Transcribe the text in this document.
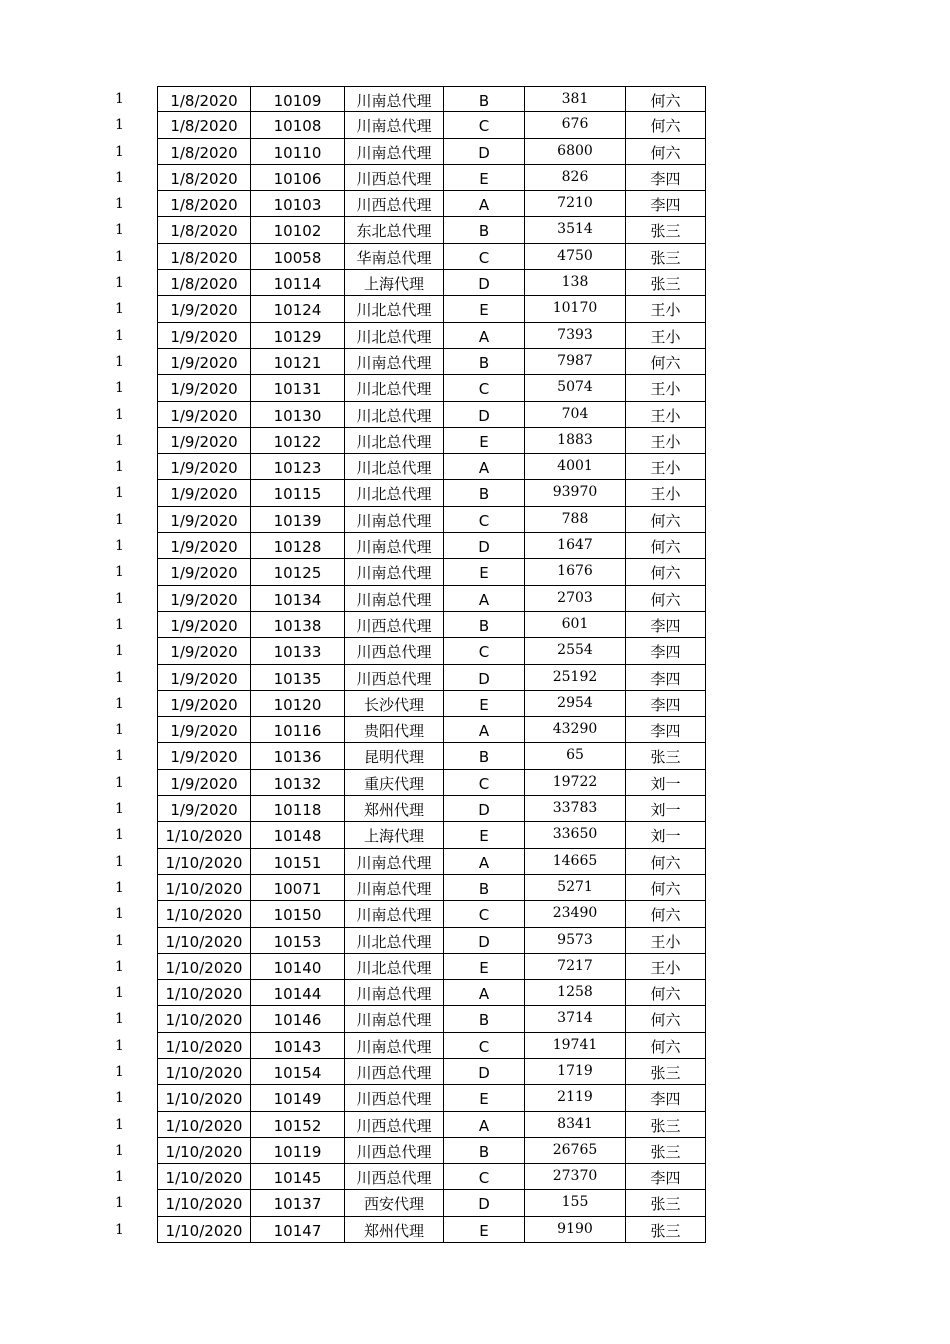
1	1/8/2020	10109	川南总代理	B	381	何六
1	1/8/2020	10108	川南总代理	C	676	何六
1	1/8/2020	10110	川南总代理	D	6800	何六
1	1/8/2020	10106	川西总代理	E	826	李四
1	1/8/2020	10103	川西总代理	A	7210	李四
1	1/8/2020	10102	东北总代理	B	3514	张三
1	1/8/2020	10058	华南总代理	C	4750	张三
1	1/8/2020	10114	上海代理	D	138	张三
1	1/9/2020	10124	川北总代理	E	10170	王小
1	1/9/2020	10129	川北总代理	A	7393	王小
1	1/9/2020	10121	川南总代理	B	7987	何六
1	1/9/2020	10131	川北总代理	C	5074	王小
1	1/9/2020	10130	川北总代理	D	704	王小
1	1/9/2020	10122	川北总代理	E	1883	王小
1	1/9/2020	10123	川北总代理	A	4001	王小
1	1/9/2020	10115	川北总代理	B	93970	王小
1	1/9/2020	10139	川南总代理	C	788	何六
1	1/9/2020	10128	川南总代理	D	1647	何六
1	1/9/2020	10125	川南总代理	E	1676	何六
1	1/9/2020	10134	川南总代理	A	2703	何六
1	1/9/2020	10138	川西总代理	B	601	李四
1	1/9/2020	10133	川西总代理	C	2554	李四
1	1/9/2020	10135	川西总代理	D	25192	李四
1	1/9/2020	10120	长沙代理	E	2954	李四
1	1/9/2020	10116	贵阳代理	A	43290	李四
1	1/9/2020	10136	昆明代理	B	65	张三
1	1/9/2020	10132	重庆代理	C	19722	刘一
1	1/9/2020	10118	郑州代理	D	33783	刘一
1	1/10/2020	10148	上海代理	E	33650	刘一
1	1/10/2020	10151	川南总代理	A	14665	何六
1	1/10/2020	10071	川南总代理	B	5271	何六
1	1/10/2020	10150	川南总代理	C	23490	何六
1	1/10/2020	10153	川北总代理	D	9573	王小
1	1/10/2020	10140	川北总代理	E	7217	王小
1	1/10/2020	10144	川南总代理	A	1258	何六
1	1/10/2020	10146	川南总代理	B	3714	何六
1	1/10/2020	10143	川南总代理	C	19741	何六
1	1/10/2020	10154	川西总代理	D	1719	张三
1	1/10/2020	10149	川西总代理	E	2119	李四
1	1/10/2020	10152	川西总代理	A	8341	张三
1	1/10/2020	10119	川西总代理	B	26765	张三
1	1/10/2020	10145	川西总代理	C	27370	李四
1	1/10/2020	10137	西安代理	D	155	张三
1	1/10/2020	10147	郑州代理	E	9190	张三
